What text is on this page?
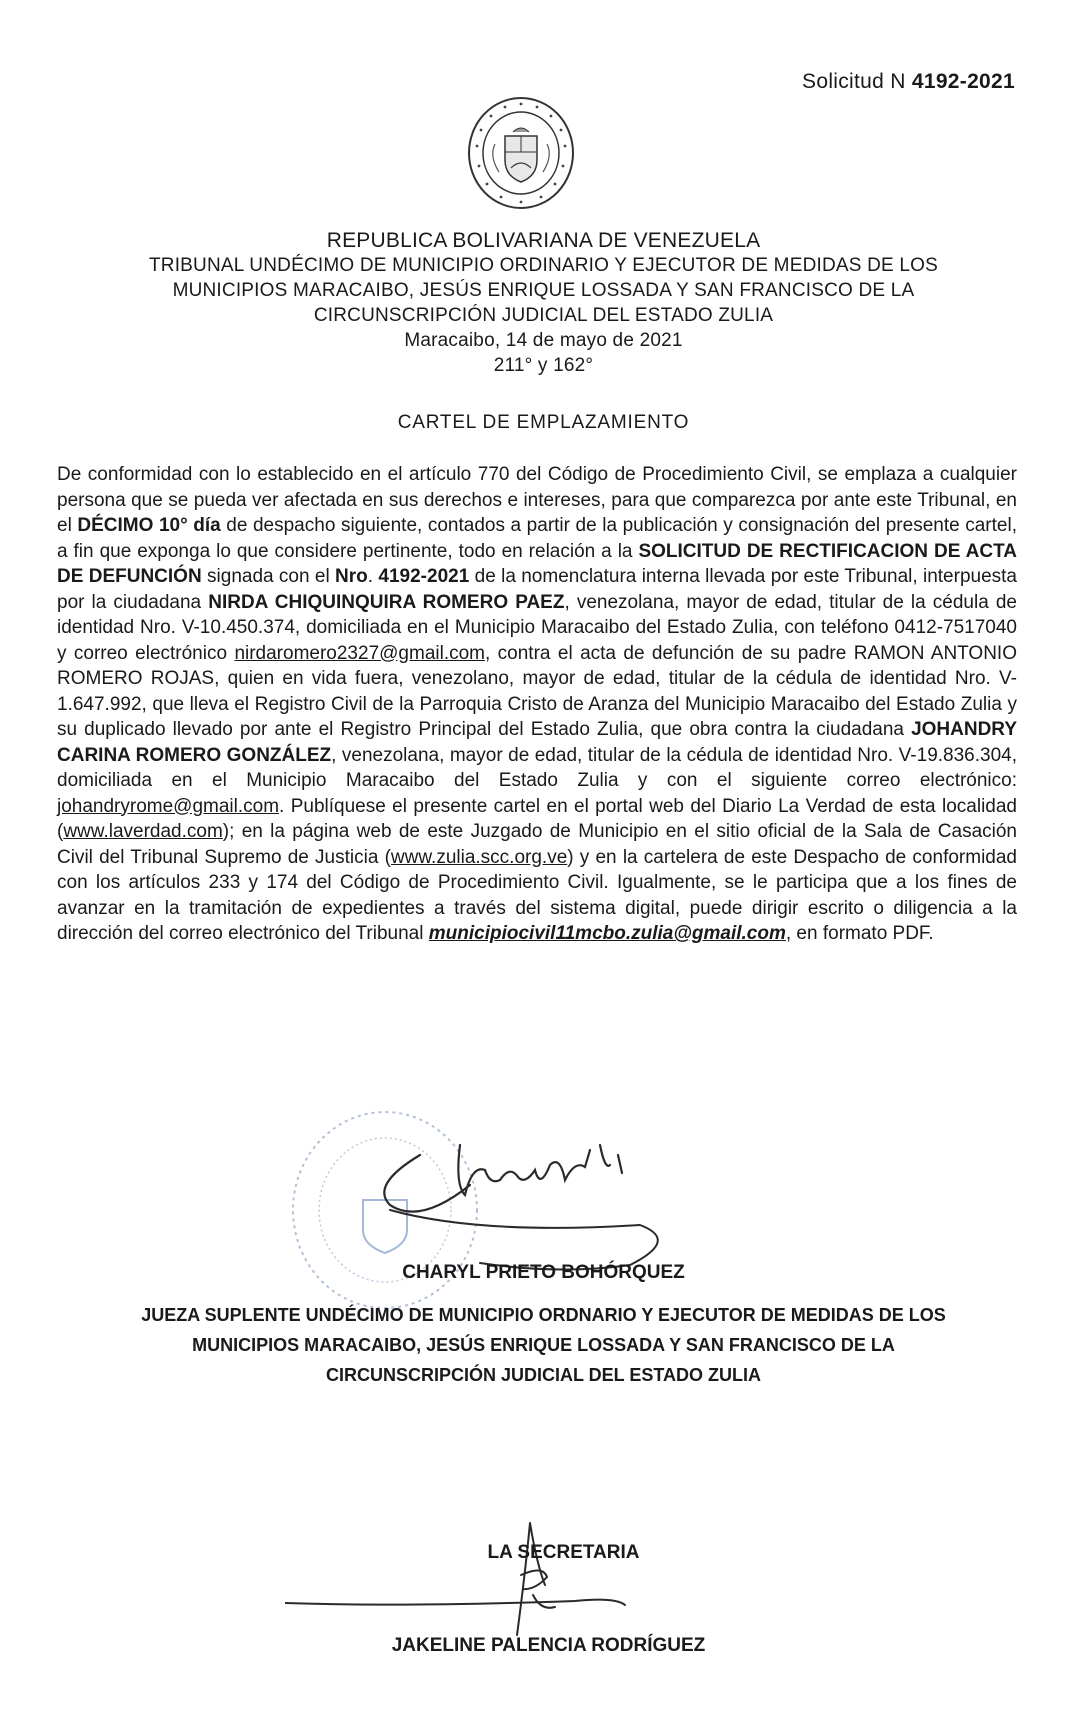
Solicitud N 4192-2021
REPUBLICA BOLIVARIANA DE VENEZUELA
TRIBUNAL UNDÉCIMO DE MUNICIPIO ORDINARIO Y EJECUTOR DE MEDIDAS DE LOS
MUNICIPIOS MARACAIBO, JESÚS ENRIQUE LOSSADA Y SAN FRANCISCO DE LA
CIRCUNSCRIPCIÓN JUDICIAL DEL ESTADO ZULIA
Maracaibo, 14 de mayo de 2021
211° y 162°
CARTEL DE EMPLAZAMIENTO
De conformidad con lo establecido en el artículo 770 del Código de Procedimiento Civil, se emplaza a cualquier persona que se pueda ver afectada en sus derechos e intereses, para que comparezca por ante este Tribunal, en el DÉCIMO 10° día de despacho siguiente, contados a partir de la publicación y consignación del presente cartel, a fin que exponga lo que considere pertinente, todo en relación a la SOLICITUD DE RECTIFICACION DE ACTA DE DEFUNCIÓN signada con el Nro. 4192-2021 de la nomenclatura interna llevada por este Tribunal, interpuesta por la ciudadana NIRDA CHIQUINQUIRA ROMERO PAEZ, venezolana, mayor de edad, titular de la cédula de identidad Nro. V-10.450.374, domiciliada en el Municipio Maracaibo del Estado Zulia, con teléfono 0412-7517040 y correo electrónico nirdaromero2327@gmail.com, contra el acta de defunción de su padre RAMON ANTONIO ROMERO ROJAS, quien en vida fuera, venezolano, mayor de edad, titular de la cédula de identidad Nro. V-1.647.992, que lleva el Registro Civil de la Parroquia Cristo de Aranza del Municipio Maracaibo del Estado Zulia y su duplicado llevado por ante el Registro Principal del Estado Zulia, que obra contra la ciudadana JOHANDRY CARINA ROMERO GONZÁLEZ, venezolana, mayor de edad, titular de la cédula de identidad Nro. V-19.836.304, domiciliada en el Municipio Maracaibo del Estado Zulia y con el siguiente correo electrónico: johandryrome@gmail.com. Publíquese el presente cartel en el portal web del Diario La Verdad de esta localidad (www.laverdad.com); en la página web de este Juzgado de Municipio en el sitio oficial de la Sala de Casación Civil del Tribunal Supremo de Justicia (www.zulia.scc.org.ve) y en la cartelera de este Despacho de conformidad con los artículos 233 y 174 del Código de Procedimiento Civil. Igualmente, se le participa que a los fines de avanzar en la tramitación de expedientes a través del sistema digital, puede dirigir escrito o diligencia a la dirección del correo electrónico del Tribunal municipiocivil11mcbo.zulia@gmail.com, en formato PDF.
CHARYL PRIETO BOHÓRQUEZ
JUEZA SUPLENTE UNDÉCIMO DE MUNICIPIO ORDNARIO Y EJECUTOR DE MEDIDAS DE LOS
MUNICIPIOS MARACAIBO, JESÚS ENRIQUE LOSSADA Y SAN FRANCISCO DE LA
CIRCUNSCRIPCIÓN JUDICIAL DEL ESTADO ZULIA
LA SECRETARIA
JAKELINE PALENCIA RODRÍGUEZ
